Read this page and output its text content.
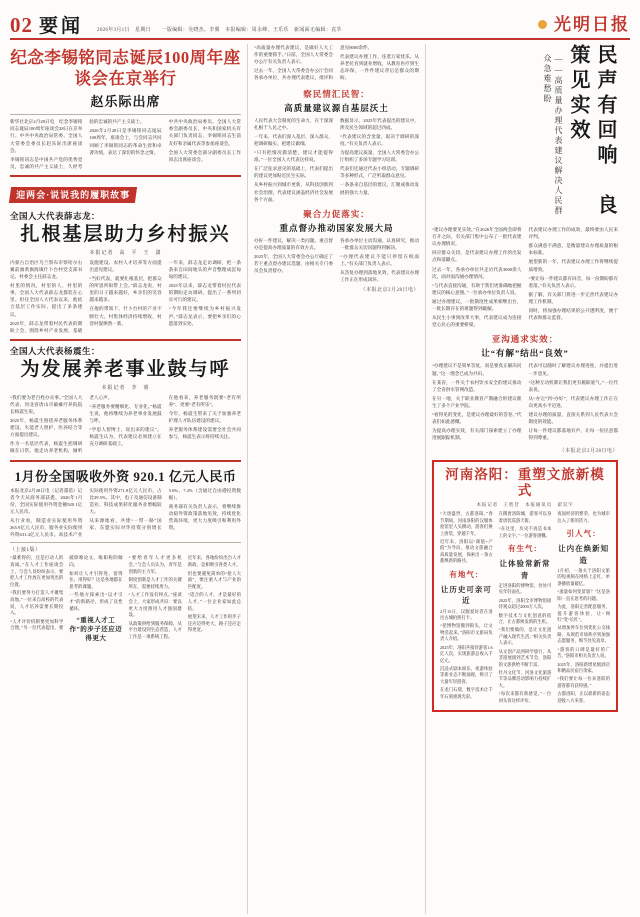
02 要闻	2026年3月1日　星期日　　一版编辑：吴晓杰、李翼　本报编辑：周永峰、王乐乐　新闻面无编辑：袁萃	光明日报
纪念李锡铭同志诞辰100周年座谈会在京举行
赵乐际出席

新华社北京2月28日电　纪念李锡铭同志诞辰100周年座谈会28日在京举行。中共中央政治局常委、全国人大常委会委员长赵乐际出席座谈会。

李锡铭同志是中国共产党的优秀党员，忠诚的共产主义战士，久经考验的忠诚的共产主义战士。

2026年2月28日是李锡铭同志诞辰100周年。座谈会上，与会同志共同回顾了李锡铭同志的革命生涯和卓著功绩，表达了深切的怀念之情。

中共中央政治局委员、全国人大常委会副委员长，中央和国家机关有关部门负责同志，李锡铭同志生前友好和亲属代表等参加座谈会。

全国人大常委会部分副委员长工作同志出席座谈会。

迎两会·说说我的履职故事
全国人大代表薛志龙：
扎根基层助力乡村振兴
本报记者　高　平　王　潇

内蒙古自治区乌兰察布市察哈尔右翼前旗黄旗海镇什卜台村党支部书记、村委会主任薛志龙。

村里的情况，村里的人，村里的事，全国人大代表薛志龙都装在心里。担任全国人大代表以来，他结合基层工作实际，提出了多条建议。

2025年，薛志龙带着村民代表的期盼上会，围绕乡村产业发展、基础设施建设、农村人才培养等方面提出意见建议。

“当好代表，就要扎根基层，把群众的所思所盼带上会。”薛志龙说，村里的日子越来越好，乡亲们的笑容越来越多。

在他的带领下，什卜台村的产业不断壮大，村集体经济持续增收，村容村貌焕然一新。

一年来，薛志龙走访调研，把一条条来自田间地头的声音整理成沉甸甸的建议。

2025年以来，薛志龙带着村民代表的期盼走访调研，提出了一系列切实可行的建议。

“今年我还要继续为乡村振兴发声。”薛志龙表示，要把乡亲们的心愿落到实处。

全国人大代表杨震生：
为发展养老事业鼓与呼
本报记者　李　睿

“我们要为老百姓办实事。”全国人大代表、河北省唐山市截瘫疗养院院长杨震生说。

2025年，杨震生围绕养老服务体系建设、失能老人照护、医养结合等方面提出建议。

作为一名基层代表，杨震生把调研做在日常。他走访养老机构，倾听老人心声。

“养老服务要精细化、专业化。”杨震生说，他将继续为养老事业发展鼓与呼。

“学思人智博士，说出来的建议”。杨震生认为，代表建议必须建立在充分调研基础上。

在他看来，养老服务既要“老有所养”，更要“老有所乐”。

今年，杨震生带来了关于加强养老护理人才队伍建设的建议。

养老服务体系建设需要全社会共同参与，杨震生表示将持续关注。

1月份全国吸收外资 920.1 亿元人民币

本报北京2月28日电（记者董蓓）记者今天从商务部获悉，2026年1月份，全国实际使用外资金额920.1亿元人民币。

从行业看，制造业实际使用外资265.9亿元人民币，服务业实际使用外资631.4亿元人民币。高技术产业实际使用外资271.8亿元人民币，占比29.5%。其中，电子及通信设备制造业、科技成果转化服务业增幅较大。

从来源地看，共建“一带一路”国家、东盟实际对华投资分别增长5.6%、7.2%（含通过自由港投资数据）。

商务部有关负责人表示，将继续推动稳外资政策落地见效，持续优化营商环境，更大力度吸引和利用外资。

（上接1版）

“最难得的，还是打动人的真诚。”在人才工作座谈会上，与会人员纷纷表示，要把人才工作放在更加突出的位置。

“我们要努力打造人才聚集高地。”一位来自高校的代表说，人才培养需要长期投入。

“人才评价机制要更加科学合理。”另一位代表提出，要破除唯论文、唯职称的倾向。

如何让人才引得进、留得住、用得好？这是各地都在思考的课题。

一些地方探索出“以才引才”的新路径，形成了良性循环。

“重视人才工作”的步子还应迈得更大

“要给青年人才更多机会。”与会人员认为，青年是创新的主力军。

制度创新是人才工作的关键所在，需要持续用力。

“人才工作没有终点。”座谈会上，大家形成共识：要以更大力度推进人才强国建设。

从政策供给到服务保障，从平台建设到生态营造，人才工作是一项系统工程。

近年来，各地纷纷出台人才新政，竞相吸引各类人才。

但也要避免简单的“抢人大战”，要注重人才与产业的匹配度。

“适合的人才，才是最好的人才。”一位企业家如此总结。

展望未来，人才工作的步子还应迈得更大，路子还应走得更宽。

“高质量办理代表建议，是做好人大工作的重要抓手。”日前，全国人大常委会办公厅有关负责人表示。

过去一年，全国人大常委会办公厅会同各承办单位，共办理代表建议、批评和意见8000余件。

代表建议办理工作，连着万家忧乐。从养老托育到就业增收，从教育医疗到生态环保，一件件建议背后是群众的期盼。

察民情汇民智：
高质量建议源自基层沃土

人民代表大会制度的生命力，在于深深扎根于人民之中。

一年来，代表们深入基层、深入群众，把调研做实、把建议做细。

“只有把情况摸清楚，建议才能提得准。”一位全国人大代表这样说。

在广泛征求意见的基础上，代表们提出的建议更加贴近民生实际。

从乡村振兴到城市更新，从科技创新到社会治理，代表建议涵盖经济社会发展各个方面。

数据显示，2025年代表提出的建议中，涉及民生领域的超过四成。

“代表建议的含金量，取决于调研的深度。”有关负责人表示。

为提高建议质量，全国人大常委会办公厅组织了多场专题学习培训。

代表们还通过代表小组活动、专题调研等多种形式，广泛听取群众意见。

一条条来自基层的建议，汇聚成推动发展的强大力量。

聚合力促落实：
重点督办推动国家发展大局

办好一件建议，解决一类问题。重点督办是提高办理质量的有效方式。

2025年，全国人大常委会办公厅确定了若干重点督办建议选题，由相关专门委员会负责督办。

各承办单位主动沟通、认真研究，推动一批群众关切问题得到解决。

“办理代表建议不能只停留在纸面上。”有关部门负责人表示。

从答复办理到落地见效，代表建议办理工作正在形成闭环。

（本报北京2月28日电）
——高质量办理代表建议解决人民群众急难愁盼	民声有回响　良策见实效

“建议办理要见实效。”在2026年全国两会即将召开之际，有关部门集中公布了一批代表建议办理情况。

回应群众关切，是代表建议办理工作的出发点和落脚点。

过去一年，各承办单位共走访代表3000余人次，面对面沟通办理情况。

“与代表直接沟通，有助于我们更准确地把握建议的核心意图。”一位承办单位负责人说。

通过办理建议，一批制度性成果相继出台，一批长期存在的难题得到破解。

从民生小事到改革大事，代表建议成为连接党心民心的重要桥梁。

代表建议办理工作的成效，最终要由人民来评判。

群众满意不满意，是衡量建议办理质量的根本标准。

展望新的一年，代表建议办理工作将继续提质增效。

“要让每一件建议都有回音，每一份期盼都有着落。”有关负责人表示。

据了解，有关部门将进一步完善代表建议办理工作机制。

同时，将加强办理结果的公开透明度，便于代表和群众监督。

亚沟通求实效：
让“有解”结出“良效”

“办理建议不是简单答复，而是要真正解决问题。”这一理念已成为共识。

在某省，一件关于农村饮水安全的建议推动了全省供水管网改造。

在另一地，关于职业教育产教融合的建议催生了多个产业学院。

“看得见的变化，是建议办理最好的答卷。”代表们如此感慨。

为提高办理实效，有关部门探索建立了办理进展跟踪机制。

代表可以随时了解建议办理进度，并提出进一步意见。

“这种互动机制让我们更有履职底气。”一位代表说。

从“办完”到“办好”，代表建议办理工作正在向更高水平迈进。

建议办理的质量，直接关系到人民代表大会制度的效能。

让每一件建议都落地有声，让每一份民意都得到尊重。

（本报北京2月28日电）
河南洛阳：重塑文旅新模式
本报记者　王胜昔　本报通讯员　翟昊宇

“大唐盛世，古都洛阳。”春节期间，河南洛阳的汉服体验馆里人头攒动，游客们换上唐装，穿越千年。

近年来，洛阳以“颜值+产值”为导向，推动文旅融合高质量发展，探索出一条古都焕新的路径。

有地气：
让历史可亲可近

2月15日，汉服爱好者在洛邑古城拍照打卡。

“把博物馆搬到街头，让文物活起来。”洛阳市文旅局负责人介绍。

2025年，洛阳共接待游客1.6亿人次，实现旅游总收入千亿元。

沉浸式剧本娱乐、夜游体验等新业态不断涌现，吸引了大量年轻游客。

在龙门石窟，数字技术让千年石刻重现光彩。

在隋唐洛阳城，游客可以身着唐装巡游天街。

“在这里，历史不再是书本上的文字。”一位游客感慨。

有生气：
让体验常新常青

走进洛阳的博物馆，处处可见年轻面孔。

2025年，洛阳全市博物馆接待观众超过2000万人次。

数字技术与文化创意的结合，让古都焕发新的生机。

“我们要做的，是让文化遗产融入现代生活。”相关负责人表示。

从文创产品到研学旅行，从非遗展演到艺术节会，洛阳的文旅供给不断丰富。

牡丹文化节、河洛文化旅游节等品牌活动影响力持续扩大。

“每次来都有新感觉。”一位回头客这样评价。

夜间经济的繁荣，也为城市注入了新的活力。

引人气：
让内在焕新知造

1月初，一条关于洛阳文旅的短视频在网络上走红，单条播放量破亿。

“流量如何变留量？”这是洛阳一直在思考的问题。

为此，洛阳完善配套服务，提升游客体验，让“网红”变“长红”。

从增加停车位到优化公交线路，从规范市场秩序到加强志愿服务，细节处见真章。

“游客的口碑是最好的广告。”洛阳市相关负责人说。

2025年，洛阳新增星级酒店和精品民宿百余家。

“我们要让每一位来洛阳的游客都有获得感。”

古都洛阳，正以崭新的姿态迎接八方来客。
